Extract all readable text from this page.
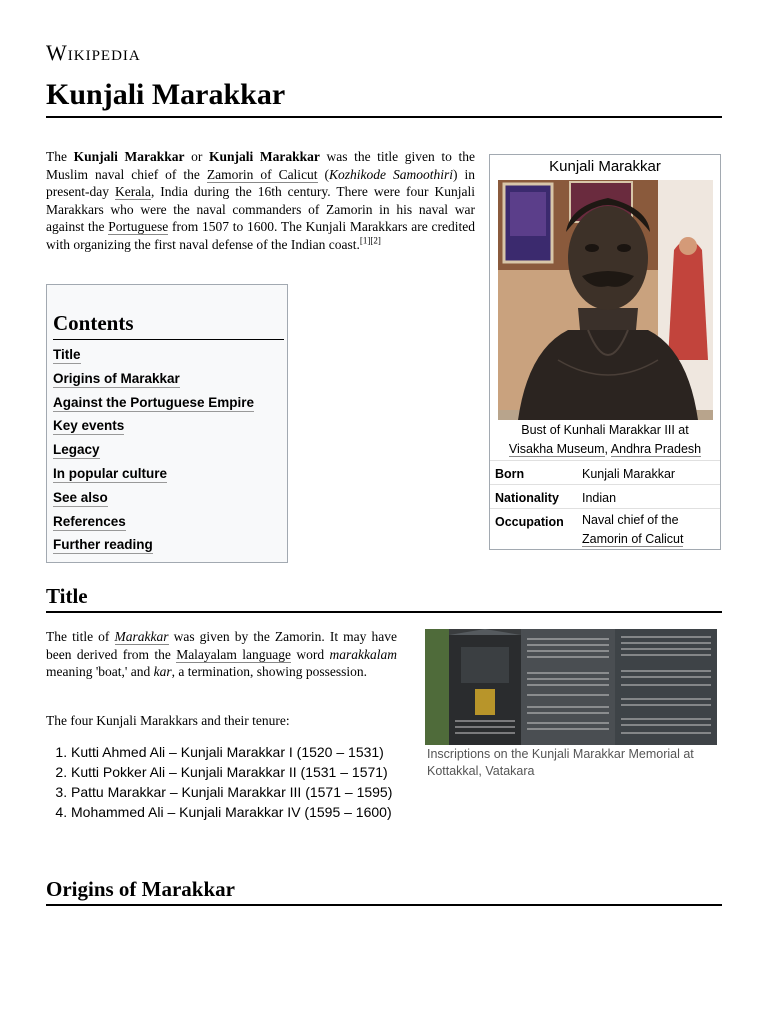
Wikipedia
Kunjali Marakkar
The Kunjali Marakkar or Kunjali Marakkar was the title given to the Muslim naval chief of the Zamorin of Calicut (Kozhikode Samoothiri) in present-day Kerala, India during the 16th century. There were four Kunjali Marakkars who were the naval commanders of Zamorin in his naval war against the Portuguese from 1507 to 1600. The Kunjali Marakkars are credited with organizing the first naval defense of the Indian coast.[1][2]
Contents
Title
Origins of Marakkar
Against the Portuguese Empire
Key events
Legacy
In popular culture
See also
References
Further reading
Kunjali Marakkar
Bust of Kunhali Marakkar III at
Visakha Museum, Andhra Pradesh
Born	Kunjali Marakkar
Nationality Indian
Occupation Naval chief of the
Zamorin of Calicut
Title
The title of Marakkar was given by the Zamorin. It may have been derived from the Malayalam language word marakkalam meaning 'boat,' and kar, a termination, showing possession.
The four Kunjali Marakkars and their tenure:
1. Kutti Ahmed Ali – Kunjali Marakkar I (1520 – 1531)
2. Kutti Pokker Ali – Kunjali Marakkar II (1531 – 1571)
3. Pattu Marakkar – Kunjali Marakkar III (1571 – 1595)
4. Mohammed Ali – Kunjali Marakkar IV (1595 – 1600)
Inscriptions on the Kunjali Marakkar Memorial at Kottakkal, Vatakara
Origins of Marakkar
